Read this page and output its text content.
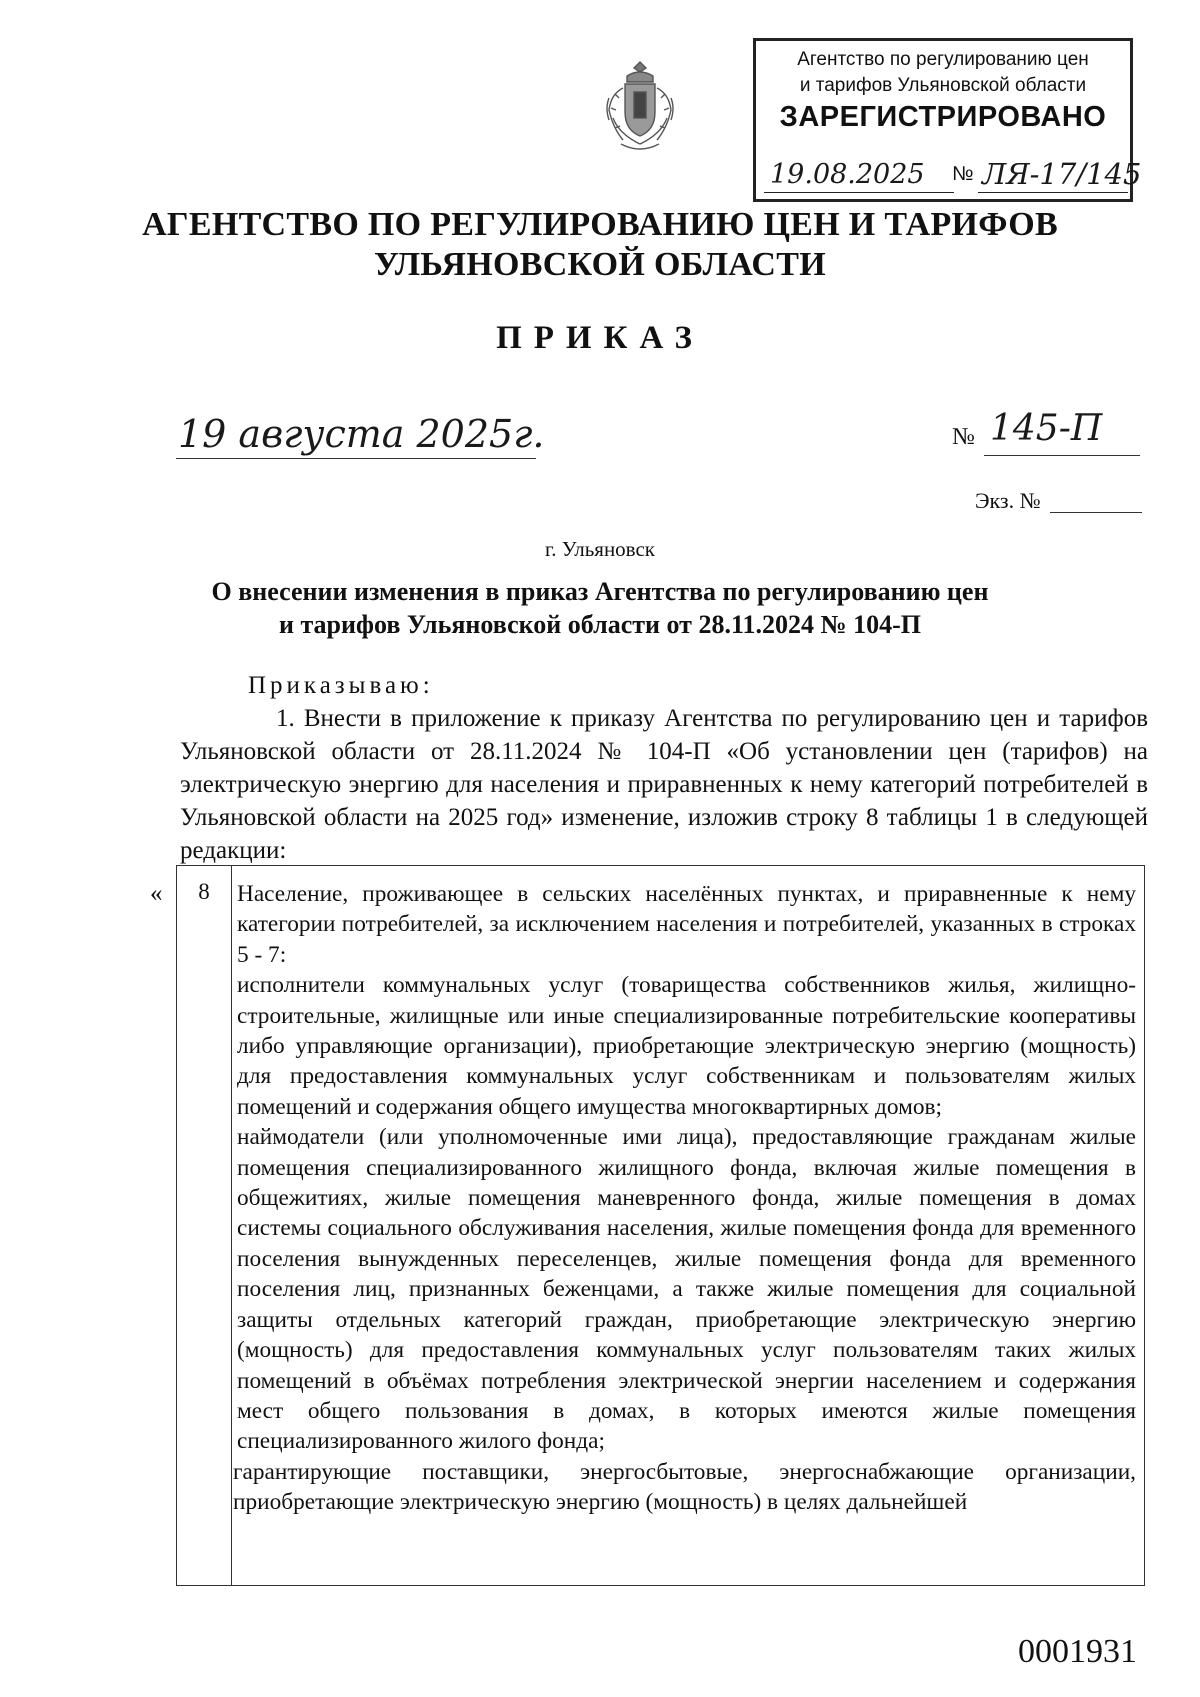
Агентство по регулированию цен
и тарифов Ульяновской области
ЗАРЕГИСТРИРОВАНО
19.08.2025 № ЛЯ-17/145
АГЕНТСТВО ПО РЕГУЛИРОВАНИЮ ЦЕН И ТАРИФОВ
УЛЬЯНОВСКОЙ ОБЛАСТИ
ПРИКАЗ
19 августа 2025г.	№ 145-П
Экз. №
г. Ульяновск
О внесении изменения в приказ Агентства по регулированию цен
и тарифов Ульяновской области от 28.11.2024 № 104-П
Приказываю:
1. Внести в приложение к приказу Агентства по регулированию цен и тарифов Ульяновской области от 28.11.2024 № 104-П «Об установлении цен (тарифов) на электрическую энергию для населения и приравненных к нему категорий потребителей в Ульяновской области на 2025 год» изменение, изложив строку 8 таблицы 1 в следующей редакции:
«	8	Население, проживающее в сельских населённых пунктах, и приравненные к нему категории потребителей, за исключением населения и потребителей, указанных в строках 5 - 7:

исполнители коммунальных услуг (товарищества собственников жилья, жилищно-строительные, жилищные или иные специализированные потребительские кооперативы либо управляющие организации), приобретающие электрическую энергию (мощность) для предоставления коммунальных услуг собственникам и пользователям жилых помещений и содержания общего имущества многоквартирных домов;

наймодатели (или уполномоченные ими лица), предоставляющие гражданам жилые помещения специализированного жилищного фонда, включая жилые помещения в общежитиях, жилые помещения маневренного фонда, жилые помещения в домах системы социального обслуживания населения, жилые помещения фонда для временного поселения вынужденных переселенцев, жилые помещения фонда для временного поселения лиц, признанных беженцами, а также жилые помещения для социальной защиты отдельных категорий граждан, приобретающие электрическую энергию (мощность) для предоставления коммунальных услуг пользователям таких жилых помещений в объёмах потребления электрической энергии населением и содержания мест общего пользования в домах, в которых имеются жилые помещения специализированного жилого фонда;

гарантирующие поставщики, энергосбытовые, энергоснабжающие организации, приобретающие электрическую энергию (мощность) в целях дальнейшей

0001931
